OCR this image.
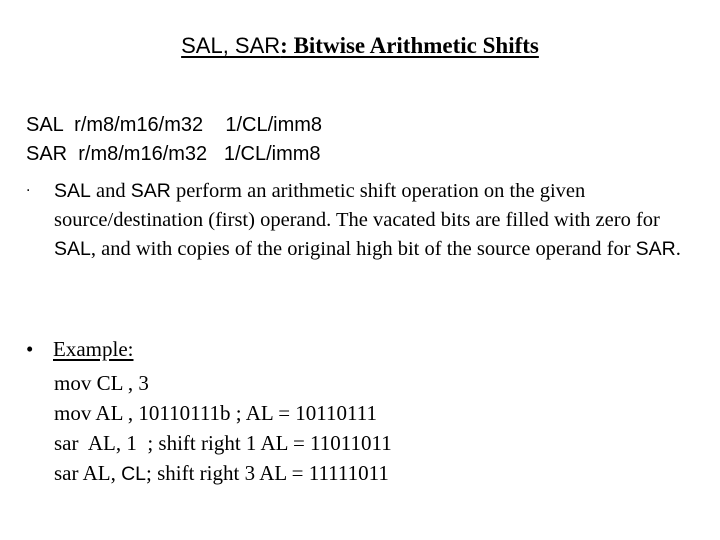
SAL, SAR: Bitwise Arithmetic Shifts
SAL  r/m8/m16/m32    1/CL/imm8
SAR  r/m8/m16/m32   1/CL/imm8
·	SAL and SAR perform an arithmetic shift operation on the given source/destination (first) operand. The vacated bits are filled with zero for SAL, and with copies of the original high bit of the source operand for SAR.
• Example:
mov CL , 3
mov AL , 10110111b ; AL = 10110111
sar  AL, 1  ; shift right 1 AL = 11011011
sar AL, CL; shift right 3 AL = 11111011
